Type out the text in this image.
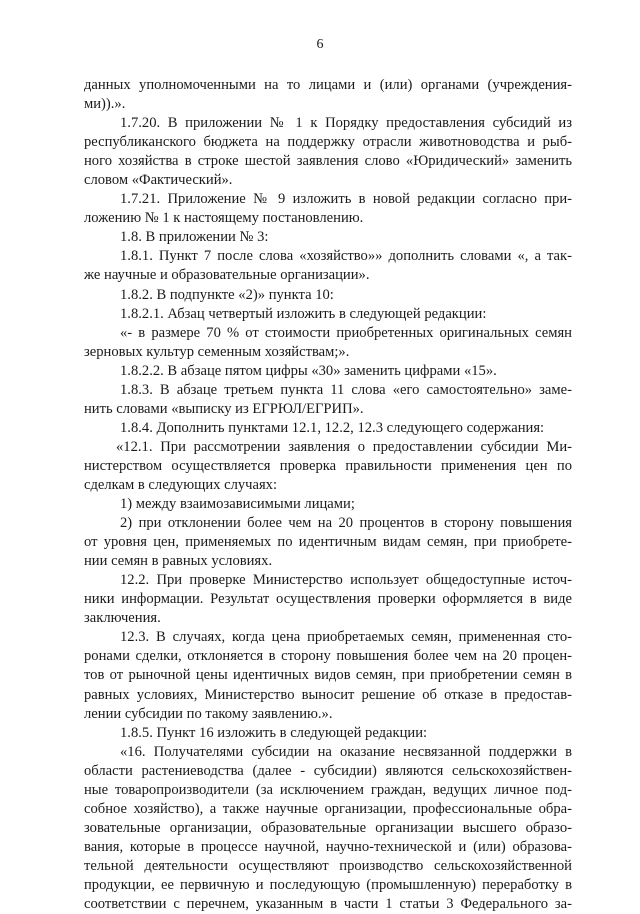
6
данных уполномоченными на то лицами и (или) органами (учреждения-
ми)).».
1.7.20. В приложении № 1 к Порядку предоставления субсидий из
республиканского бюджета на поддержку отрасли животноводства и рыб-
ного хозяйства в строке шестой заявления слово «Юридический» заменить
словом «Фактический».
1.7.21. Приложение № 9 изложить в новой редакции согласно при-
ложению № 1 к настоящему постановлению.
1.8. В приложении № 3:
1.8.1. Пункт 7 после слова «хозяйство»» дополнить словами «, а так-
же научные и образовательные организации».
1.8.2. В подпункте «2)» пункта 10:
1.8.2.1. Абзац четвертый изложить в следующей редакции:
«- в размере 70 % от стоимости приобретенных оригинальных семян
зерновых культур семенным хозяйствам;».
1.8.2.2. В абзаце пятом цифры «30» заменить цифрами «15».
1.8.3. В абзаце третьем пункта 11 слова «его самостоятельно» заме-
нить словами «выписку из ЕГРЮЛ/ЕГРИП».
1.8.4. Дополнить пунктами 12.1, 12.2, 12.3 следующего содержания:
«12.1. При рассмотрении заявления о предоставлении субсидии Ми-
нистерством осуществляется проверка правильности применения цен по
сделкам в следующих случаях:
1) между взаимозависимыми лицами;
2) при отклонении более чем на 20 процентов в сторону повышения
от уровня цен, применяемых по идентичным видам семян, при приобрете-
нии семян в равных условиях.
12.2. При проверке Министерство использует общедоступные источ-
ники информации. Результат осуществления проверки оформляется в виде
заключения.
12.3. В случаях, когда цена приобретаемых семян, примененная сто-
ронами сделки, отклоняется в сторону повышения более чем на 20 процен-
тов от рыночной цены идентичных видов семян, при приобретении семян в
равных условиях, Министерство выносит решение об отказе в предостав-
лении субсидии по такому заявлению.».
1.8.5. Пункт 16 изложить в следующей редакции:
«16. Получателями субсидии на оказание несвязанной поддержки в
области растениеводства (далее - субсидии) являются сельскохозяйствен-
ные товаропроизводители (за исключением граждан, ведущих личное под-
собное хозяйство), а также научные организации, профессиональные обра-
зовательные организации, образовательные организации высшего образо-
вания, которые в процессе научной, научно-технической и (или) образова-
тельной деятельности осуществляют производство сельскохозяйственной
продукции, ее первичную и последующую (промышленную) переработку в
соответствии с перечнем, указанным в части 1 статьи 3 Федерального за-
